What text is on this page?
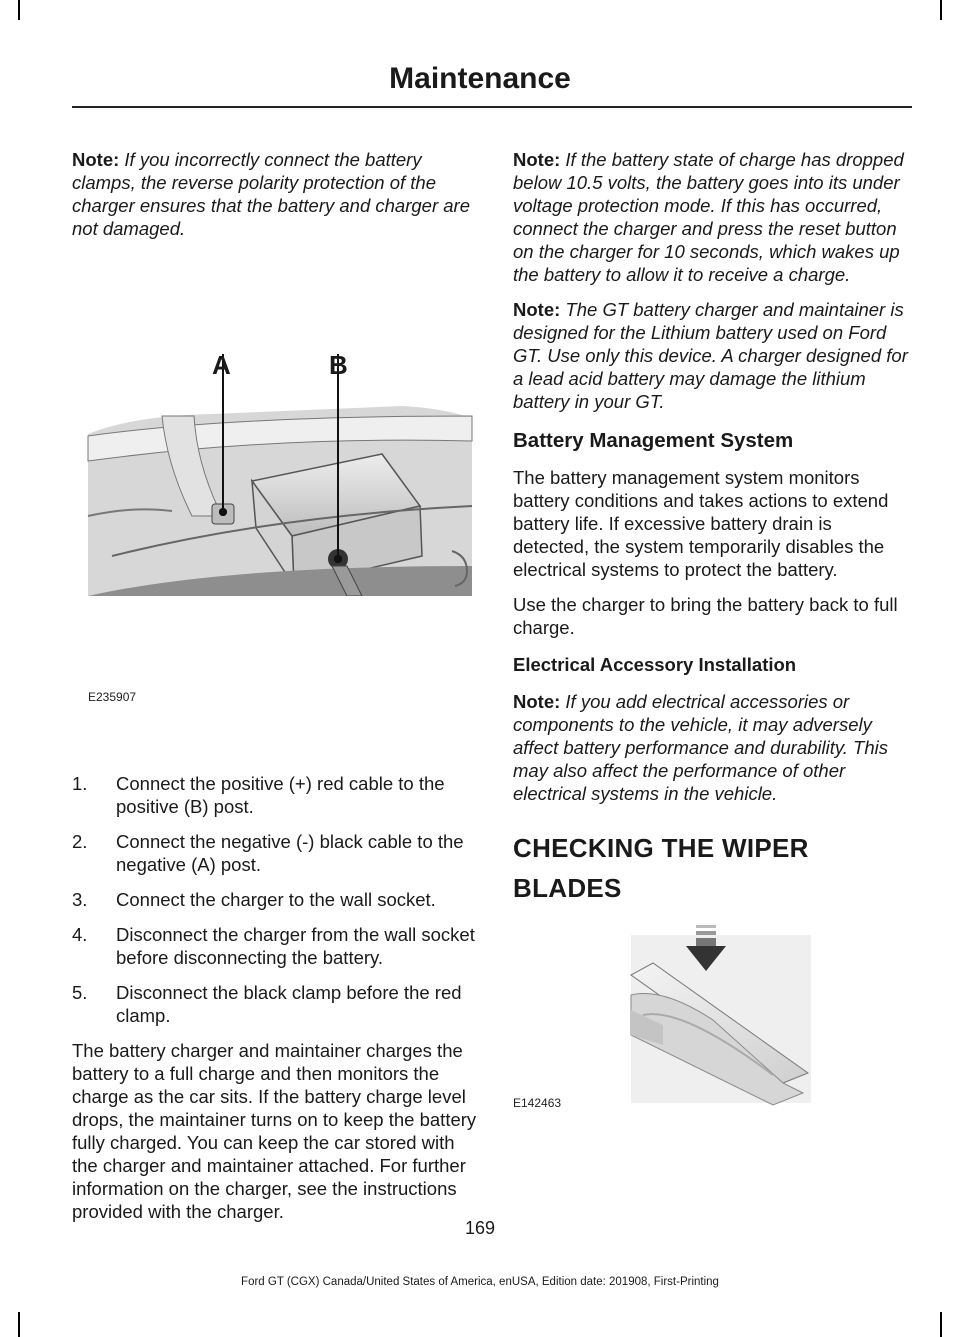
Maintenance

Note: If you incorrectly connect the battery clamps, the reverse polarity protection of the charger ensures that the battery and charger are not damaged.

A	B
E235907
1. Connect the positive (+) red cable to the positive (B) post.
2. Connect the negative (-) black cable to the negative (A) post.
3. Connect the charger to the wall socket.
4. Disconnect the charger from the wall socket before disconnecting the battery.
5. Disconnect the black clamp before the red clamp.

The battery charger and maintainer charges the battery to a full charge and then monitors the charge as the car sits. If the battery charge level drops, the maintainer turns on to keep the battery fully charged. You can keep the car stored with the charger and maintainer attached. For further information on the charger, see the instructions provided with the charger.

Note: If the battery state of charge has dropped below 10.5 volts, the battery goes into its under voltage protection mode. If this has occurred, connect the charger and press the reset button on the charger for 10 seconds, which wakes up the battery to allow it to receive a charge.

Note: The GT battery charger and maintainer is designed for the Lithium battery used on Ford GT. Use only this device. A charger designed for a lead acid battery may damage the lithium battery in your GT.

Battery Management System

The battery management system monitors battery conditions and takes actions to extend battery life. If excessive battery drain is detected, the system temporarily disables the electrical systems to protect the battery.

Use the charger to bring the battery back to full charge.

Electrical Accessory Installation

Note: If you add electrical accessories or components to the vehicle, it may adversely affect battery performance and durability. This may also affect the performance of other electrical systems in the vehicle.

CHECKING THE WIPER
BLADES
E142463
169
Ford GT (CGX) Canada/United States of America, enUSA, Edition date: 201908, First-Printing
